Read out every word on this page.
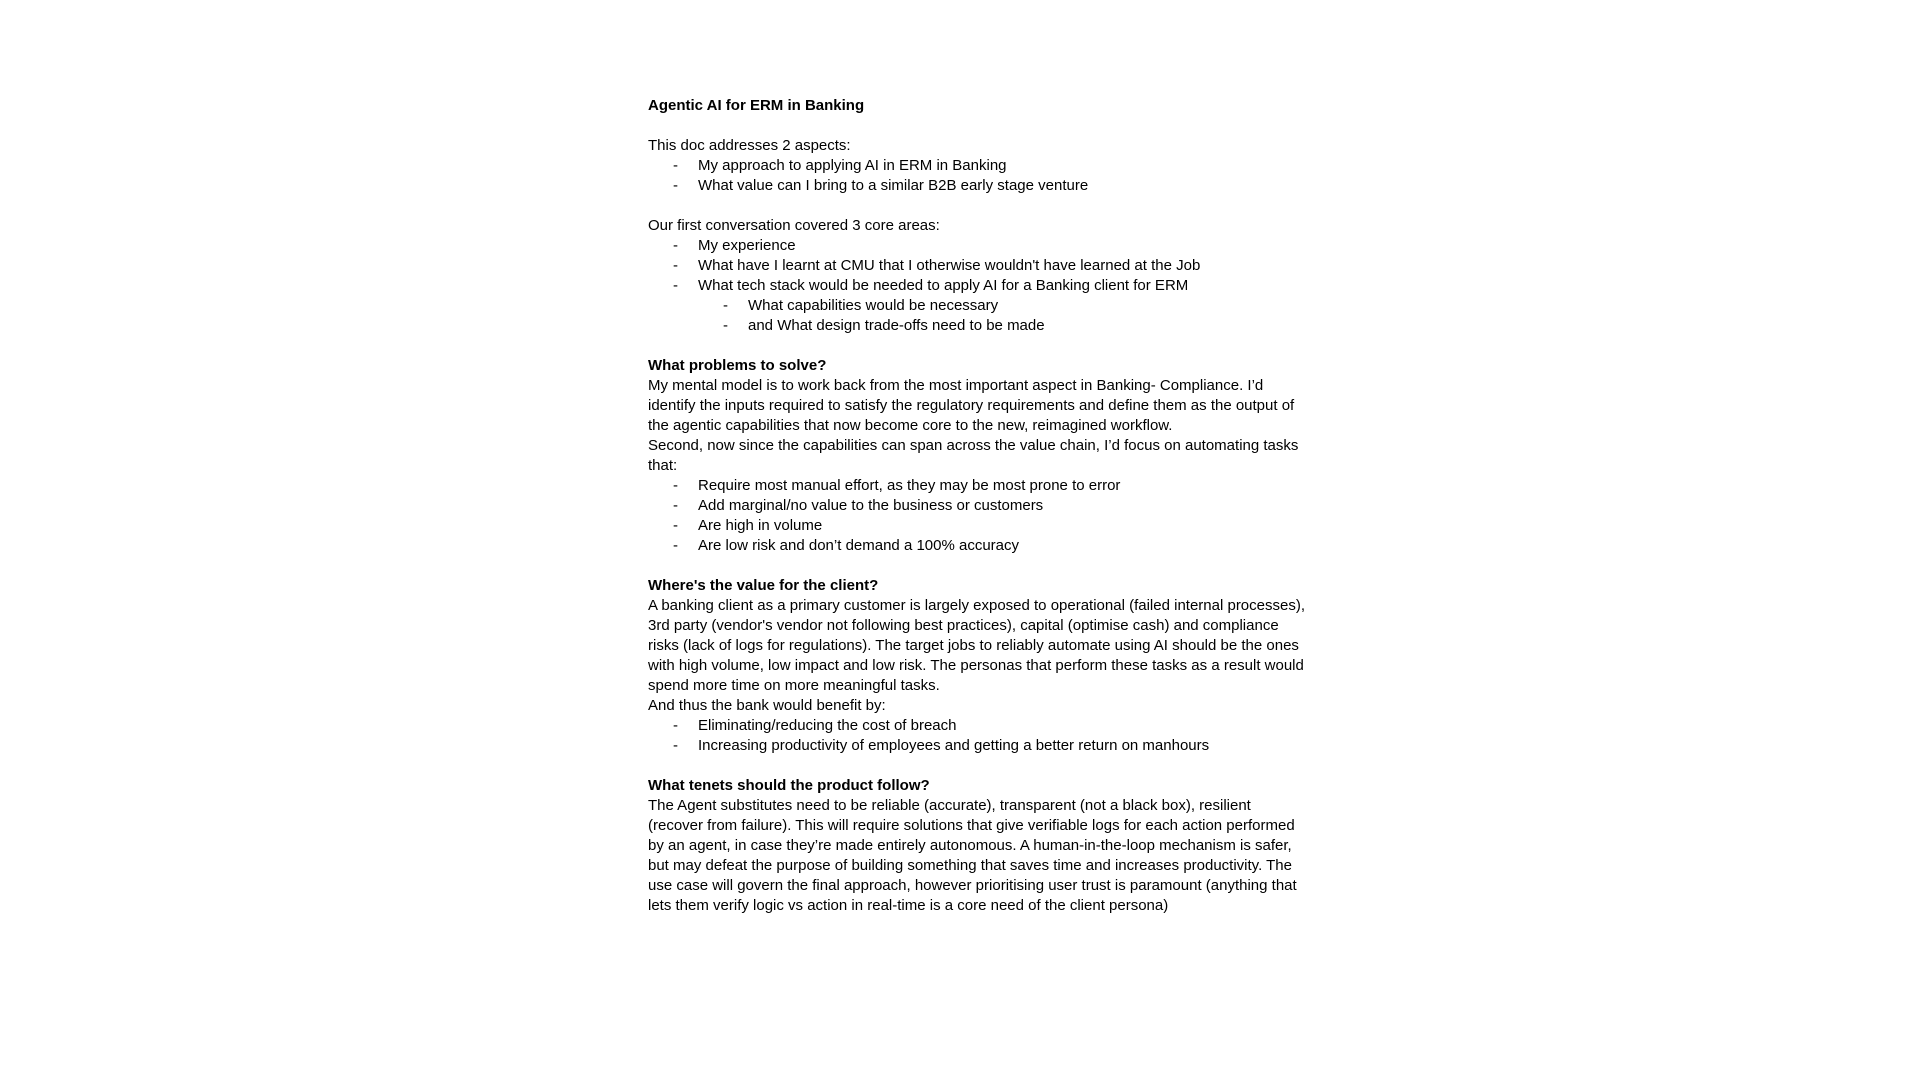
Agentic AI for ERM in Banking

This doc addresses 2 aspects:

- My approach to applying AI in ERM in Banking
- What value can I bring to a similar B2B early stage venture

Our first conversation covered 3 core areas:

- My experience
- What have I learnt at CMU that I otherwise wouldn't have learned at the Job
- What tech stack would be needed to apply AI for a Banking client for ERM
- What capabilities would be necessary
- and What design trade-offs need to be made
What problems to solve?

My mental model is to work back from the most important aspect in Banking- Compliance. I’d identify the inputs required to satisfy the regulatory requirements and define them as the output of the agentic capabilities that now become core to the new, reimagined workflow.

Second, now since the capabilities can span across the value chain, I’d focus on automating tasks that:

- Require most manual effort, as they may be most prone to error
- Add marginal/no value to the business or customers
- Are high in volume
- Are low risk and don’t demand a 100% accuracy
Where's the value for the client?

A banking client as a primary customer is largely exposed to operational (failed internal processes), 3rd party (vendor's vendor not following best practices), capital (optimise cash) and compliance risks (lack of logs for regulations). The target jobs to reliably automate using AI should be the ones with high volume, low impact and low risk. The personas that perform these tasks as a result would spend more time on more meaningful tasks.

And thus the bank would benefit by:

- Eliminating/reducing the cost of breach
- Increasing productivity of employees and getting a better return on manhours
What tenets should the product follow?

The Agent substitutes need to be reliable (accurate), transparent (not a black box), resilient (recover from failure). This will require solutions that give verifiable logs for each action performed by an agent, in case they’re made entirely autonomous. A human-in-the-loop mechanism is safer, but may defeat the purpose of building something that saves time and increases productivity. The use case will govern the final approach, however prioritising user trust is paramount (anything that lets them verify logic vs action in real-time is a core need of the client persona)
